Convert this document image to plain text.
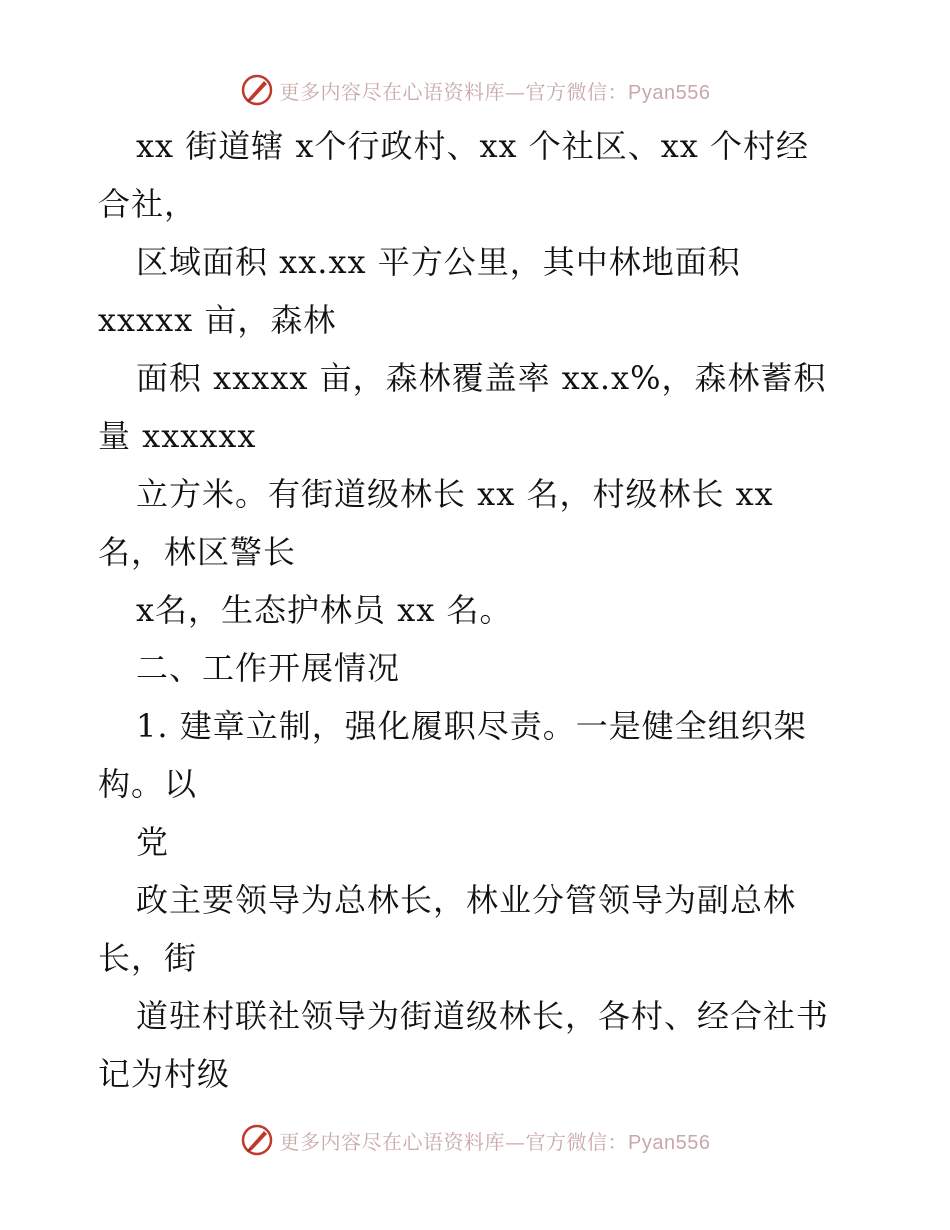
更多内容尽在心语资料库—官方微信：Pyan556
xx 街道辖 x个行政村、xx 个社区、xx 个村经
合社，
区域面积 xx.xx 平方公里，其中林地面积
xxxxx 亩，森林
面积 xxxxx 亩，森林覆盖率 xx.x%，森林蓄积
量 xxxxxx
立方米。有街道级林长 xx 名，村级林长 xx
名，林区警长
x名，生态护林员 xx 名。
二、工作开展情况
1. 建章立制，强化履职尽责。一是健全组织架
构。以
党
政主要领导为总林长，林业分管领导为副总林
长，街
道驻村联社领导为街道级林长，各村、经合社书
记为村级
更多内容尽在心语资料库—官方微信：Pyan556
